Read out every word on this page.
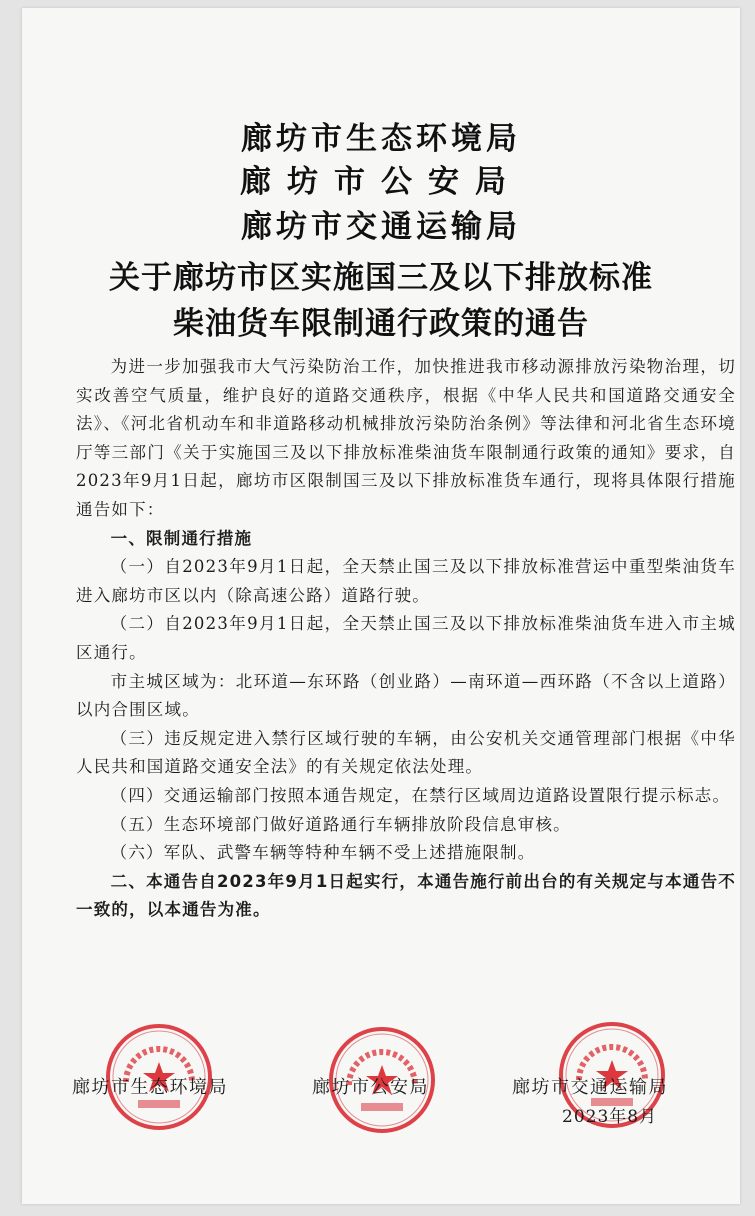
廊坊市生态环境局
廊坊市公安局
廊坊市交通运输局
关于廊坊市区实施国三及以下排放标准
柴油货车限制通行政策的通告

为进一步加强我市大气污染防治工作，加快推进我市移动源排放污染物治理，切实改善空气质量，维护良好的道路交通秩序，根据《中华人民共和国道路交通安全法》、《河北省机动车和非道路移动机械排放污染防治条例》等法律和河北省生态环境厅等三部门《关于实施国三及以下排放标准柴油货车限制通行政策的通知》要求，自2023年9月1日起，廊坊市区限制国三及以下排放标准货车通行，现将具体限行措施通告如下：

一、限制通行措施

（一）自2023年9月1日起，全天禁止国三及以下排放标准营运中重型柴油货车进入廊坊市区以内（除高速公路）道路行驶。

（二）自2023年9月1日起，全天禁止国三及以下排放标准柴油货车进入市主城区通行。

市主城区域为：北环道—东环路（创业路）—南环道—西环路（不含以上道路）以内合围区域。

（三）违反规定进入禁行区域行驶的车辆，由公安机关交通管理部门根据《中华人民共和国道路交通安全法》的有关规定依法处理。

（四）交通运输部门按照本通告规定，在禁行区域周边道路设置限行提示标志。

（五）生态环境部门做好道路通行车辆排放阶段信息审核。

（六）军队、武警车辆等特种车辆不受上述措施限制。

二、本通告自2023年9月1日起实行，本通告施行前出台的有关规定与本通告不一致的，以本通告为准。

廊坊市生态环境局	廊坊市公安局	廊坊市交通运输局
2023年8月
